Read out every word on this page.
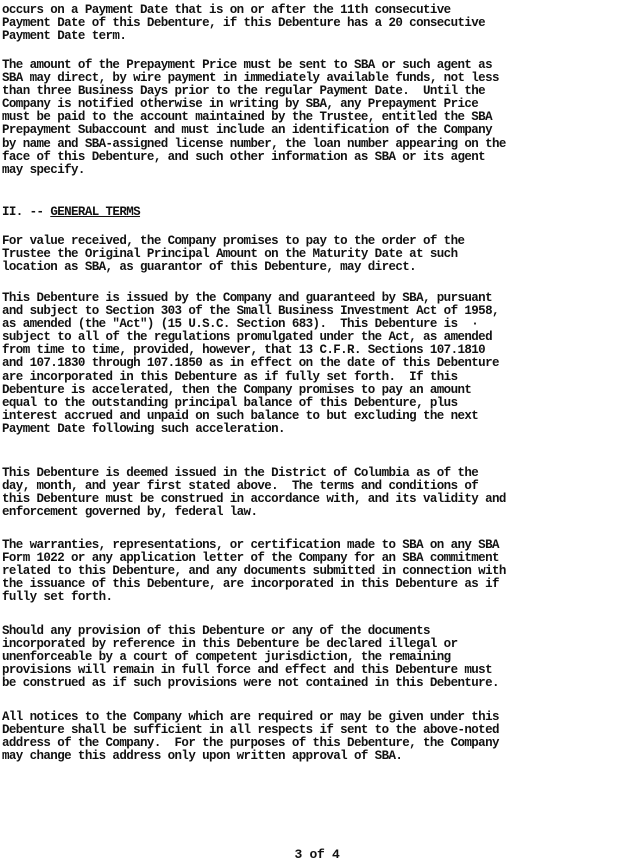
occurs on a Payment Date that is on or after the 11th consecutive
Payment Date of this Debenture, if this Debenture has a 20 consecutive
Payment Date term.

The amount of the Prepayment Price must be sent to SBA or such agent as
SBA may direct, by wire payment in immediately available funds, not less
than three Business Days prior to the regular Payment Date.  Until the
Company is notified otherwise in writing by SBA, any Prepayment Price
must be paid to the account maintained by the Trustee, entitled the SBA
Prepayment Subaccount and must include an identification of the Company
by name and SBA-assigned license number, the loan number appearing on the
face of this Debenture, and such other information as SBA or its agent
may specify.

II. -- GENERAL TERMS

For value received, the Company promises to pay to the order of the
Trustee the Original Principal Amount on the Maturity Date at such
location as SBA, as guarantor of this Debenture, may direct.

This Debenture is issued by the Company and guaranteed by SBA, pursuant
and subject to Section 303 of the Small Business Investment Act of 1958,
as amended (the "Act") (15 U.S.C. Section 683).  This Debenture is  ·
subject to all of the regulations promulgated under the Act, as amended
from time to time, provided, however, that 13 C.F.R. Sections 107.1810
and 107.1830 through 107.1850 as in effect on the date of this Debenture
are incorporated in this Debenture as if fully set forth.  If this
Debenture is accelerated, then the Company promises to pay an amount
equal to the outstanding principal balance of this Debenture, plus
interest accrued and unpaid on such balance to but excluding the next
Payment Date following such acceleration.

This Debenture is deemed issued in the District of Columbia as of the
day, month, and year first stated above.  The terms and conditions of
this Debenture must be construed in accordance with, and its validity and
enforcement governed by, federal law.

The warranties, representations, or certification made to SBA on any SBA
Form 1022 or any application letter of the Company for an SBA commitment
related to this Debenture, and any documents submitted in connection with
the issuance of this Debenture, are incorporated in this Debenture as if
fully set forth.

Should any provision of this Debenture or any of the documents
incorporated by reference in this Debenture be declared illegal or
unenforceable by a court of competent jurisdiction, the remaining
provisions will remain in full force and effect and this Debenture must
be construed as if such provisions were not contained in this Debenture.

All notices to the Company which are required or may be given under this
Debenture shall be sufficient in all respects if sent to the above-noted
address of the Company.  For the purposes of this Debenture, the Company
may change this address only upon written approval of SBA.

3 of 4
